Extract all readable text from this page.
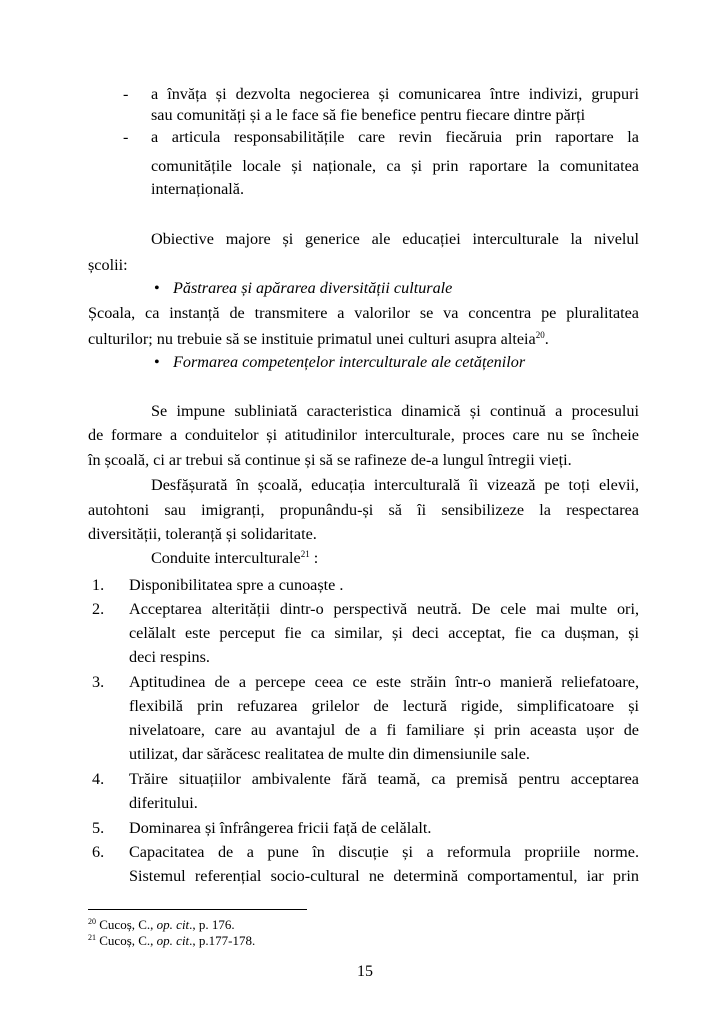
- a învăța și dezvolta negocierea și comunicarea între indivizi, grupuri
sau comunități și a le face să fie benefice pentru fiecare dintre părți
- a articula responsabilitățile care revin fiecăruia prin raportare la
comunitățile locale și naționale, ca și prin raportare la comunitatea
internațională.
Obiective majore și generice ale educației interculturale la nivelul
școlii:
• Păstrarea și apărarea diversității culturale
Școala, ca instanță de transmitere a valorilor se va concentra pe pluralitatea
culturilor; nu trebuie să se instituie primatul unei culturi asupra alteia$^{20}$.
• Formarea competențelor interculturale ale cetățenilor
Se impune subliniată caracteristica dinamică și continuă a procesului
de formare a conduitelor și atitudinilor interculturale, proces care nu se încheie
în școală, ci ar trebui să continue și să se rafineze de-a lungul întregii vieți.
Desfășurată în școală, educația interculturală îi vizează pe toți elevii,
autohtoni sau imigranți, propunându-și să îi sensibilizeze la respectarea
diversității, toleranță și solidaritate.
Conduite interculturale$^{21}$ :
1. Disponibilitatea spre a cunoaște .
2. Acceptarea alterității dintr-o perspectivă neutră. De cele mai multe ori,
celălalt este perceput fie ca similar, și deci acceptat, fie ca dușman, și
deci respins.
3. Aptitudinea de a percepe ceea ce este străin într-o manieră reliefatoare,
flexibilă prin refuzarea grilelor de lectură rigide, simplificatoare și
nivelatoare, care au avantajul de a fi familiare și prin aceasta ușor de
utilizat, dar sărăcesc realitatea de multe din dimensiunile sale.
4. Trăire situațiilor ambivalente fără teamă, ca premisă pentru acceptarea
diferitului.
5. Dominarea și înfrângerea fricii față de celălalt.
6. Capacitatea de a pune în discuție și a reformula propriile norme.
Sistemul referențial socio-cultural ne determină comportamentul, iar prin
$^{20}$ Cucoș, C., op. cit., p. 176.
$^{21}$ Cucoș, C., op. cit., p.177-178.
15
